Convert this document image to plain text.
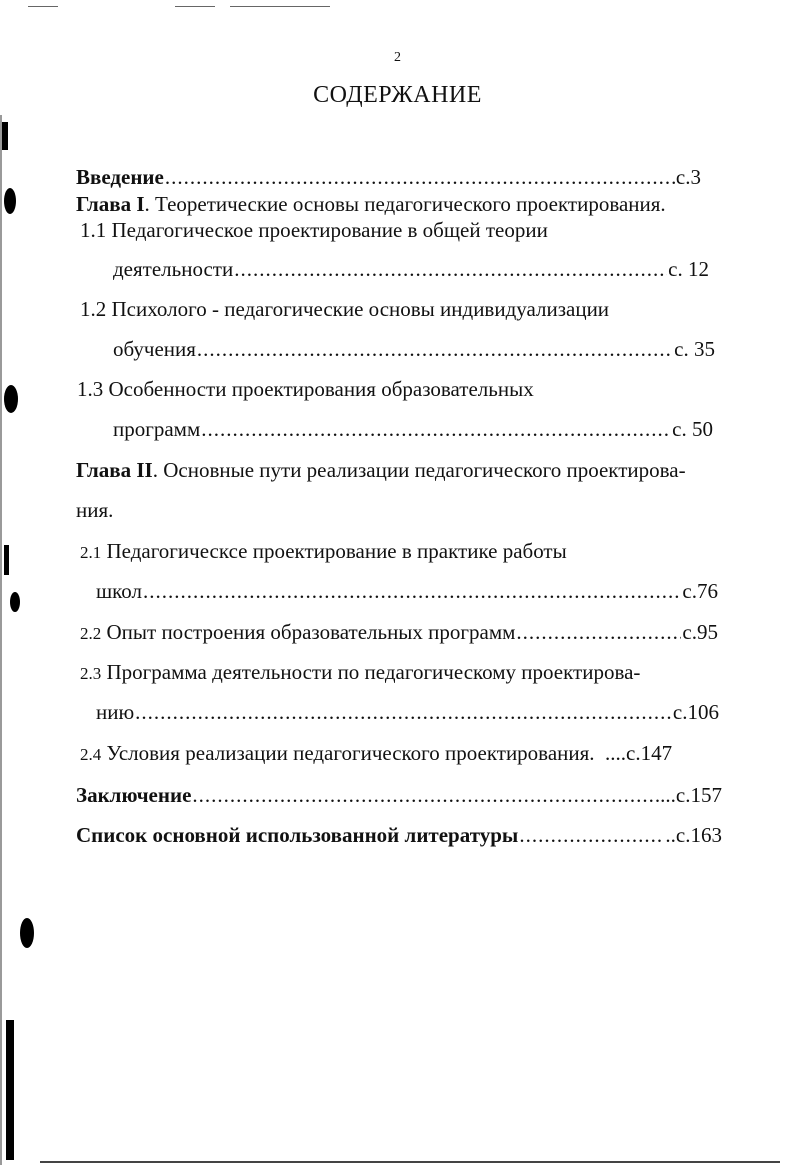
2
СОДЕРЖАНИЕ
Введение .....	с.3
Глава I . Теоретические основы педагогического проектирования.
1.1
Педагогическое проектирование в общей теории
деятельности .....	с. 12
1.2
Психолого - педагогические основы индивидуализации
обучения .....	с. 35
1.3
Особенности проектирования образовательных
программ .....	с. 50
Глава II . Основные пути реализации педагогического проектирова-
ния.
2.1
Педагогическсе проектирование в практике работы
школ .....	с.76
2.2
Опыт построения образовательных программ .....	с.95
2.3
Программа деятельности по педагогическому проектирова-
нию .....	с.106
2.4
Условия реализации педагогического проектирования.
....с.147
Заключение .....	...с.157
Список основной использованной литературы .....	..с.163
